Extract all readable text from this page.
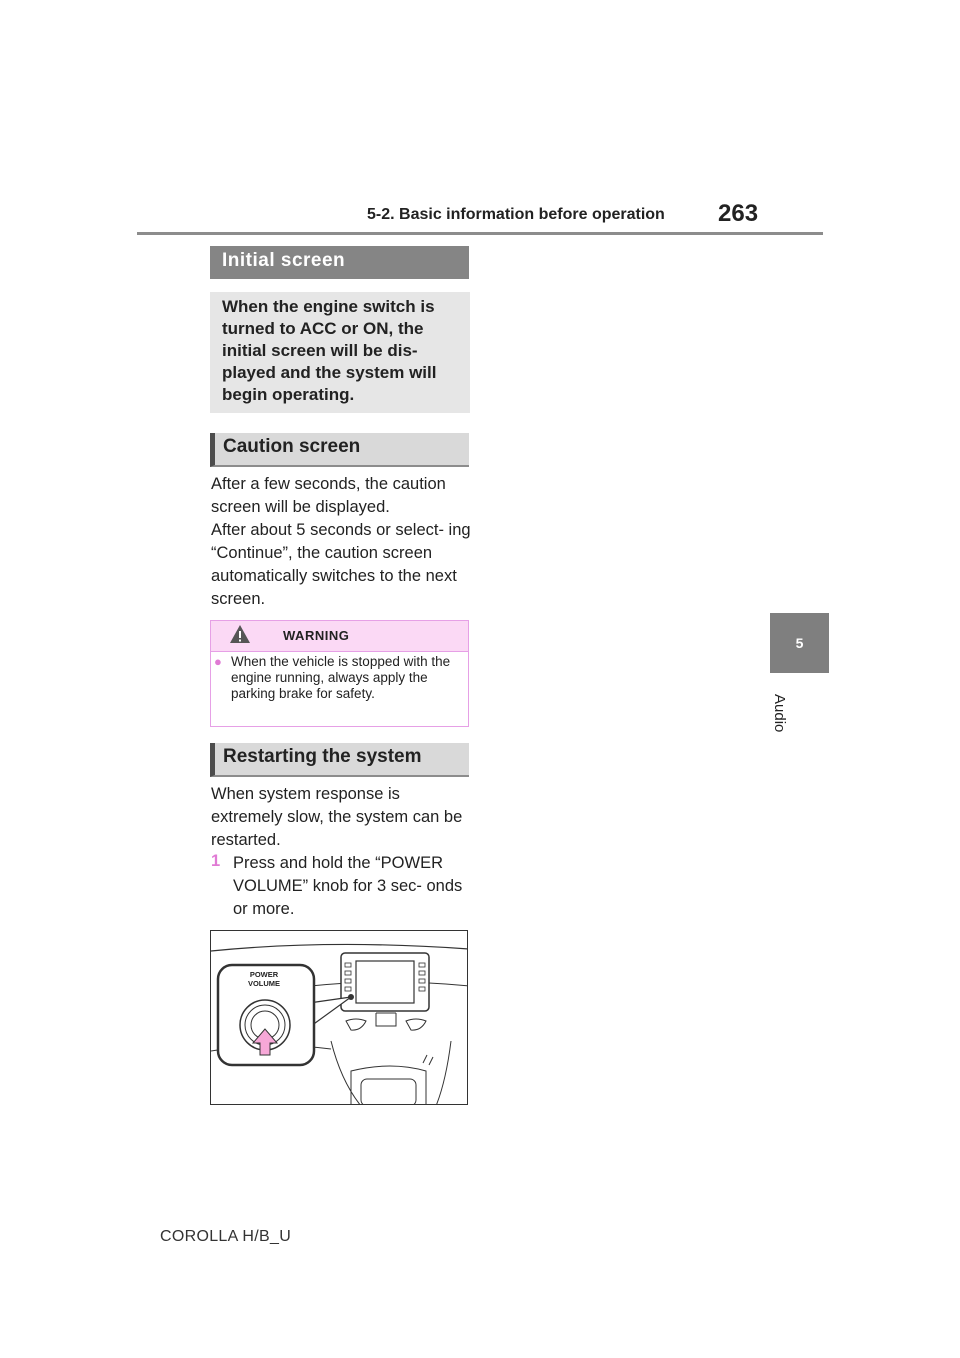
5-2. Basic information before operation 263
5
Audio
Initial screen
When the engine switch is turned to ACC or ON, the initial screen will be dis- played and the system will begin operating.
Caution screen
After a few seconds, the caution screen will be displayed.
After about 5 seconds or select- ing “Continue”, the caution screen automatically switches to the next screen.
WARNING
● When the vehicle is stopped with the engine running, always apply the parking brake for safety.
Restarting the system
When system response is extremely slow, the system can be restarted.
1 Press and hold the “POWER VOLUME” knob for 3 sec- onds or more.
POWER
VOLUME
COROLLA H/B_U
